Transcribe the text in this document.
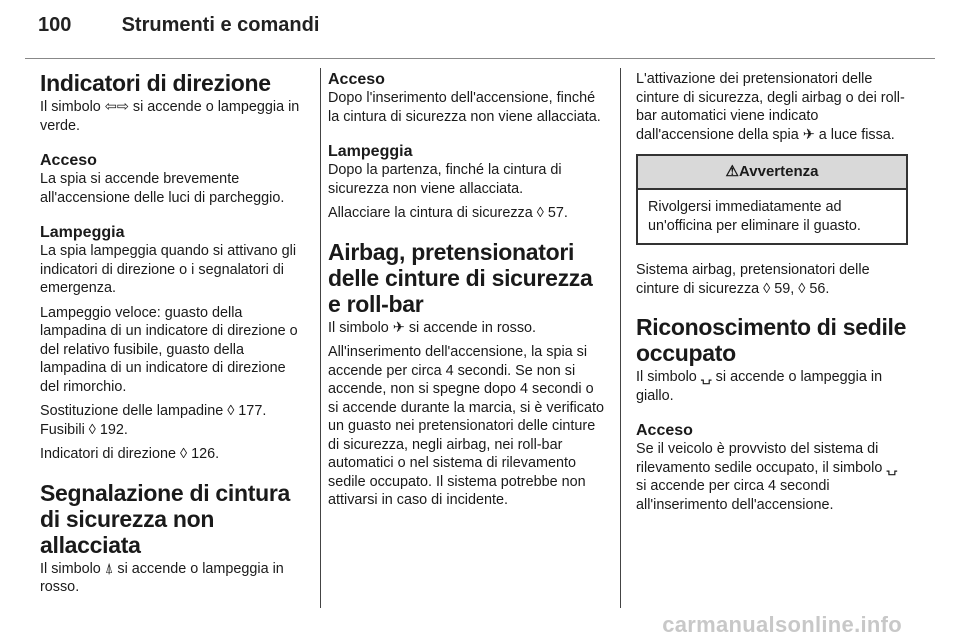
100	Strumenti e comandi
Indicatori di direzione

Il simbolo ⇦⇨ si accende o lampeggia in verde.

Acceso

La spia si accende brevemente all'accensione delle luci di parcheggio.

Lampeggia

La spia lampeggia quando si attivano gli indicatori di direzione o i segnalatori di emergenza.

Lampeggio veloce: guasto della lampadina di un indicatore di direzione o del relativo fusibile, guasto della lampadina di un indicatore di direzione del rimorchio.

Sostituzione delle lampadine ◊ 177.

Fusibili ◊ 192.

Indicatori di direzione ◊ 126.

Segnalazione di cintura di sicurezza non allacciata

Il simbolo ⍋ si accende o lampeggia in rosso.

Acceso

Dopo l'inserimento dell'accensione, finché la cintura di sicurezza non viene allacciata.

Lampeggia

Dopo la partenza, finché la cintura di sicurezza non viene allacciata.

Allacciare la cintura di sicurezza ◊ 57.

Airbag, pretensionatori delle cinture di sicurezza e roll-bar

Il simbolo ✈ si accende in rosso.

All'inserimento dell'accensione, la spia si accende per circa 4 secondi. Se non si accende, non si spegne dopo 4 secondi o si accende durante la marcia, si è verificato un guasto nei pretensionatori delle cinture di sicurezza, negli airbag, nei roll-bar automatici o nel sistema di rilevamento sedile occupato. Il sistema potrebbe non attivarsi in caso di incidente.

L'attivazione dei pretensionatori delle cinture di sicurezza, degli airbag o dei roll-bar automatici viene indicato dall'accensione della spia ✈ a luce fissa.

⚠Avvertenza
Rivolgersi immediatamente ad un'officina per eliminare il guasto.

Sistema airbag, pretensionatori delle cinture di sicurezza ◊ 59, ◊ 56.

Riconoscimento di sedile occupato

Il simbolo ⍽ si accende o lampeggia in giallo.

Acceso

Se il veicolo è provvisto del sistema di rilevamento sedile occupato, il simbolo ⍽ si accende per circa 4 secondi all'inserimento dell'accensione.

carmanualsonline.info
